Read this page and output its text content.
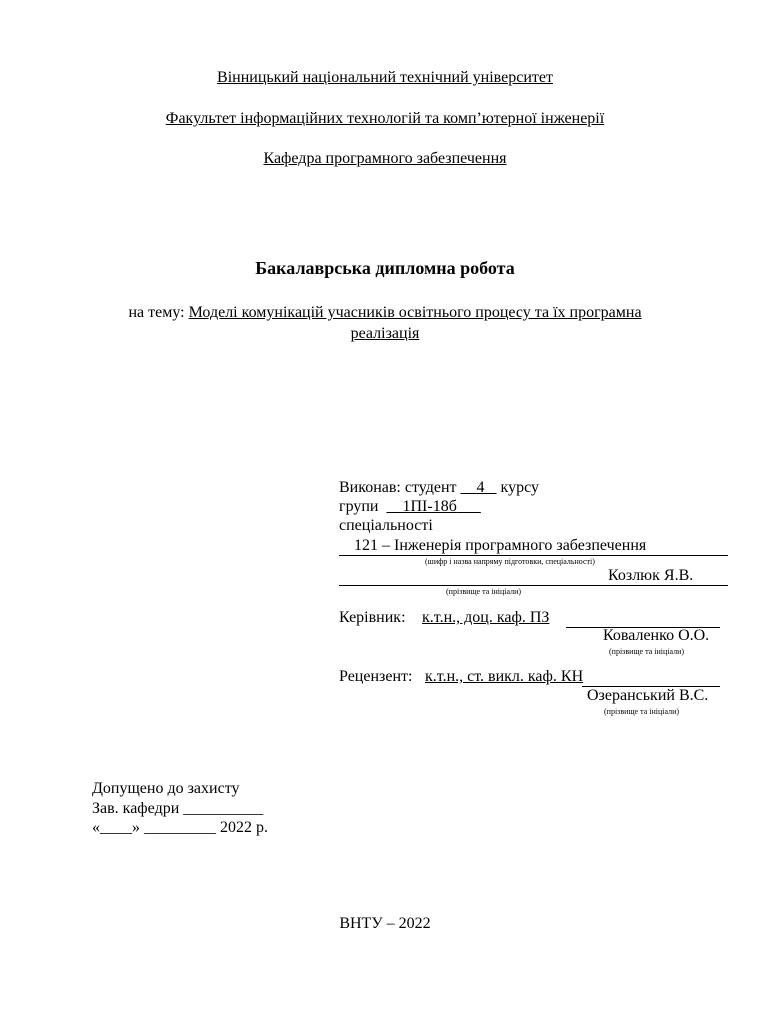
Вінницький національний технічний університет
Факультет інформаційних технологій та комп’ютерної інженерії
Кафедра програмного забезпечення
Бакалаврська дипломна робота
на тему: Моделі комунікацій учасників освітнього процесу та їх програмна
реалізація
Виконав: студент 4 курсу
групи 1ПІ-18б
спеціальності
121 – Інженерія програмного забезпечення
(шифр і назва напряму підготовки, спеціальності)
Козлюк Я.В.
(прізвище та ініціали)
Керівник: к.т.н., доц. каф. ПЗ
Коваленко О.О.
(прізвище та ініціали)
Рецензент: к.т.н., ст. викл. каф. КН
Озеранський В.С.
(прізвище та ініціали)
Допущено до захисту
Зав. кафедри __________
«____» _________ 2022 р.
ВНТУ – 2022
